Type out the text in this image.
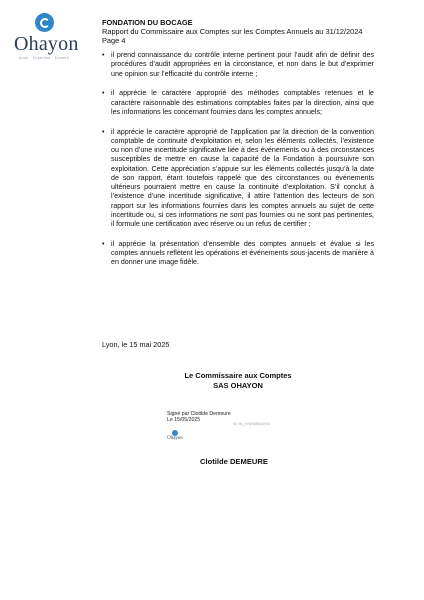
Ohayon
Audit · Expertise · Conseil
FONDATION DU BOCAGE
Rapport du Commissaire aux Comptes sur les Comptes Annuels au 31/12/2024
Page 4
• il prend connaissance du contrôle interne pertinent pour l’audit afin de définir des procédures d’audit appropriées en la circonstance, et non dans le but d’exprimer une opinion sur l’efficacité du contrôle interne ;
• il apprécie le caractère approprié des méthodes comptables retenues et le caractère raisonnable des estimations comptables faites par la direction, ainsi que les informations les concernant fournies dans les comptes annuels;
• il apprécie le caractère approprié de l’application par la direction de la convention comptable de continuité d’exploitation et, selon les éléments collectés, l’existence ou non d’une incertitude significative liée à des événements ou à des circonstances susceptibles de mettre en cause la capacité de la Fondation à poursuivre son exploitation. Cette appréciation s’appuie sur les éléments collectés jusqu’à la date de son rapport, étant toutefois rappelé que des circonstances ou événements ultérieurs pourraient mettre en cause la continuité d’exploitation. S’il conclut à l’existence d’une incertitude significative, il attire l’attention des lecteurs de son rapport sur les informations fournies dans les comptes annuels au sujet de cette incertitude ou, si ces informations ne sont pas fournies ou ne sont pas pertinentes, il formule une certification avec réserve ou un refus de certifier ;
• il apprécie la présentation d’ensemble des comptes annuels et évalue si les comptes annuels reflètent les opérations et événements sous-jacents de manière à en donner une image fidèle.
Lyon, le 15 mai 2025
Le Commissaire aux Comptes
SAS OHAYON
Signé par Clotilde Demeure
Le 15/05/2025
ID: rk_vYtZWAbQnYA
Ohayon
Clotilde DEMEURE
